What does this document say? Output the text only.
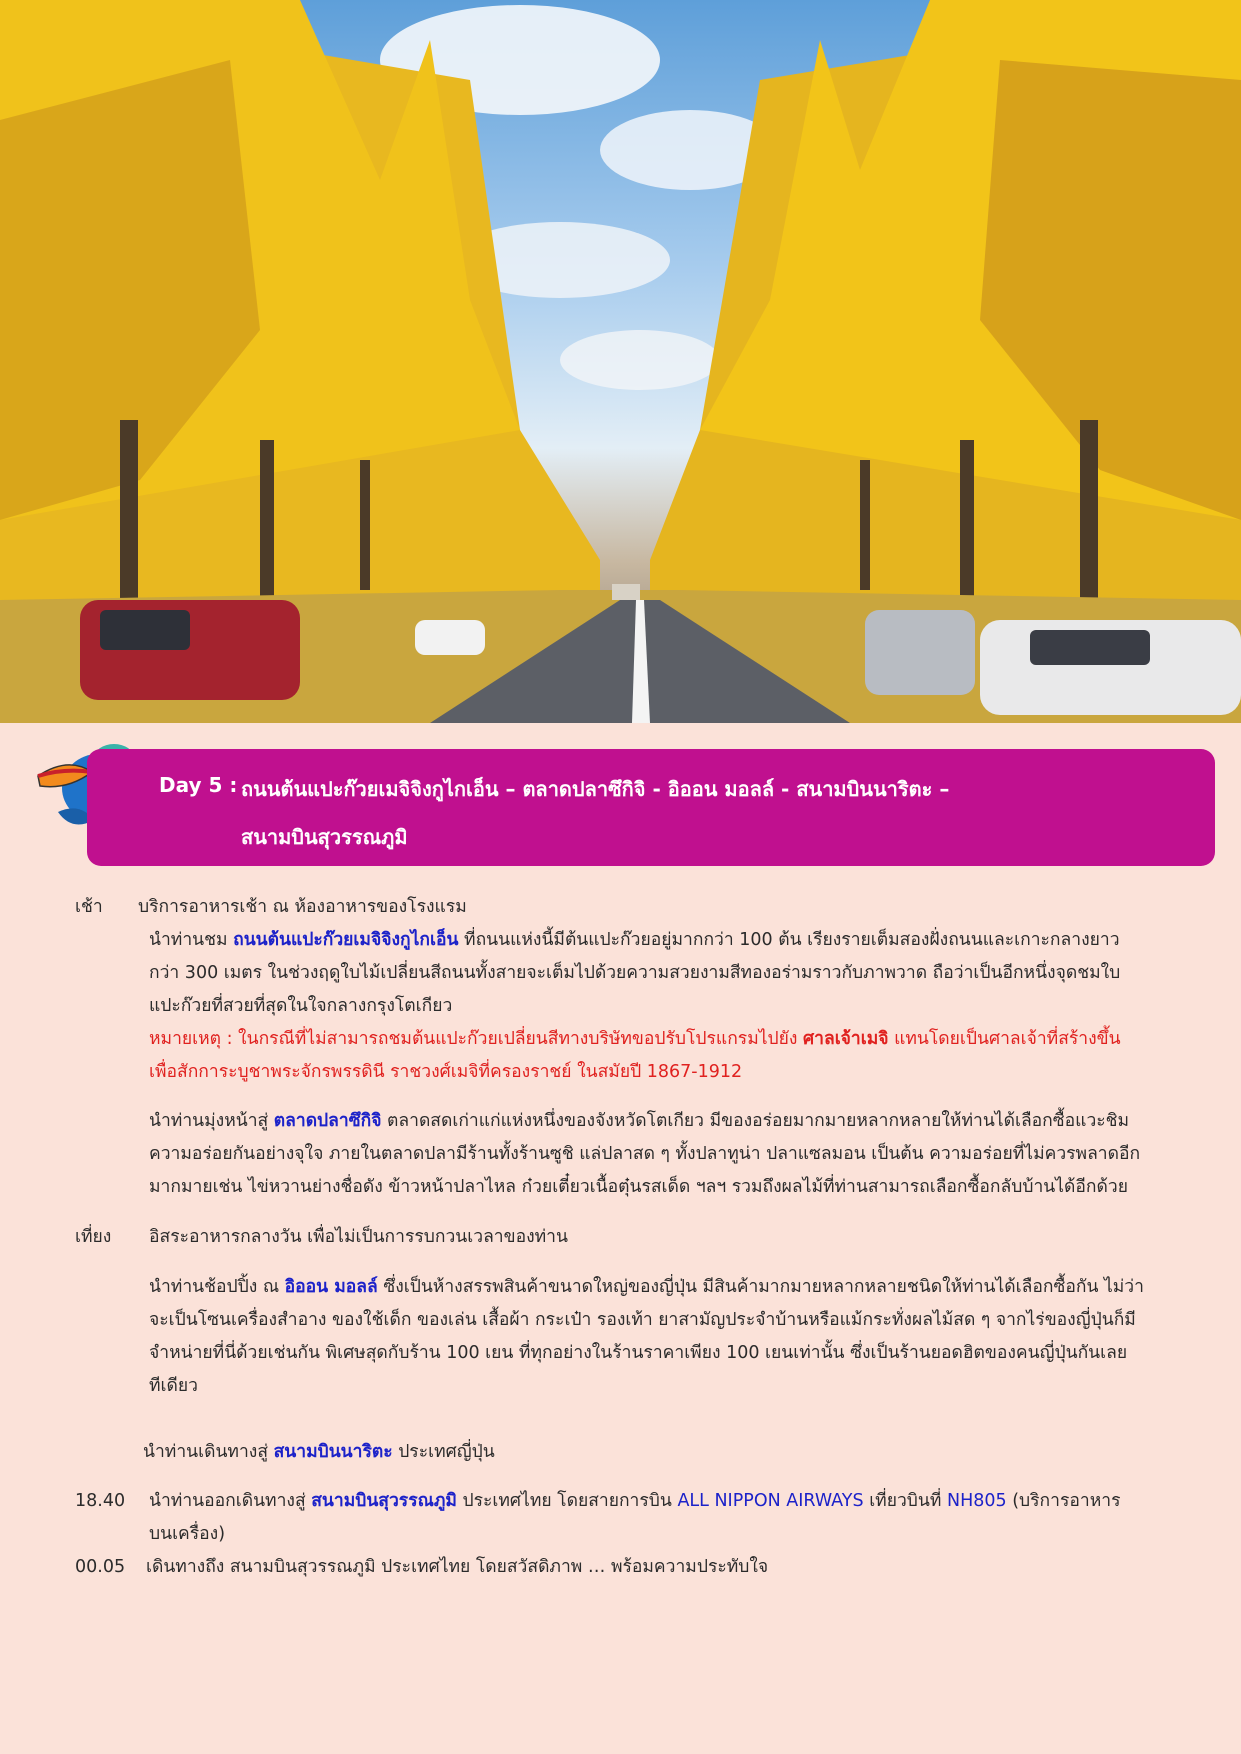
Day 5 : ถนนต้นแปะก๊วยเมจิจิงกูไกเอ็น – ตลาดปลาซึกิจิ - อิออน มอลล์ - สนามบินนาริตะ –
สนามบินสุวรรณภูมิ
เช้า บริการอาหารเช้า ณ ห้องอาหารของโรงแรม

นำท่านชม ถนนต้นแปะก๊วยเมจิจิงกูไกเอ็น ที่ถนนแห่งนี้มีต้นแปะก๊วยอยู่มากกว่า 100 ต้น เรียงรายเต็มสองฝั่งถนนและเกาะกลางยาว

กว่า 300 เมตร ในช่วงฤดูใบไม้เปลี่ยนสีถนนทั้งสายจะเต็มไปด้วยความสวยงามสีทองอร่ามราวกับภาพวาด ถือว่าเป็นอีกหนึ่งจุดชมใบ

แปะก๊วยที่สวยที่สุดในใจกลางกรุงโตเกียว

หมายเหตุ : ในกรณีที่ไม่สามารถชมต้นแปะก๊วยเปลี่ยนสีทางบริษัทขอปรับโปรแกรมไปยัง ศาลเจ้าเมจิ แทนโดยเป็นศาลเจ้าที่สร้างขึ้น

เพื่อสักการะบูชาพระจักรพรรดินี ราชวงศ์เมจิที่ครองราชย์ ในสมัยปี 1867-1912

นำท่านมุ่งหน้าสู่ ตลาดปลาซึกิจิ ตลาดสดเก่าแก่แห่งหนึ่งของจังหวัดโตเกียว มีของอร่อยมากมายหลากหลายให้ท่านได้เลือกซื้อแวะชิม

ความอร่อยกันอย่างจุใจ ภายในตลาดปลามีร้านทั้งร้านซูชิ แล่ปลาสด ๆ ทั้งปลาทูน่า ปลาแซลมอน เป็นต้น ความอร่อยที่ไม่ควรพลาดอีก

มากมายเช่น ไข่หวานย่างชื่อดัง ข้าวหน้าปลาไหล ก๋วยเตี๋ยวเนื้อตุ๋นรสเด็ด ฯลฯ รวมถึงผลไม้ที่ท่านสามารถเลือกซื้อกลับบ้านได้อีกด้วย

เที่ยง อิสระอาหารกลางวัน เพื่อไม่เป็นการรบกวนเวลาของท่าน

นำท่านช้อปปิ้ง ณ อิออน มอลล์ ซึ่งเป็นห้างสรรพสินค้าขนาดใหญ่ของญี่ปุ่น มีสินค้ามากมายหลากหลายชนิดให้ท่านได้เลือกซื้อกัน ไม่ว่า

จะเป็นโซนเครื่องสำอาง ของใช้เด็ก ของเล่น เสื้อผ้า กระเป๋า รองเท้า ยาสามัญประจำบ้านหรือแม้กระทั่งผลไม้สด ๆ จากไร่ของญี่ปุ่นก็มี

จำหน่ายที่นี่ด้วยเช่นกัน พิเศษสุดกับร้าน 100 เยน ที่ทุกอย่างในร้านราคาเพียง 100 เยนเท่านั้น ซึ่งเป็นร้านยอดฮิตของคนญี่ปุ่นกันเลย

ทีเดียว

นำท่านเดินทางสู่ สนามบินนาริตะ ประเทศญี่ปุ่น

18.40 นำท่านออกเดินทางสู่ สนามบินสุวรรณภูมิ ประเทศไทย โดยสายการบิน ALL NIPPON AIRWAYS เที่ยวบินที่ NH805 (บริการอาหาร

บนเครื่อง)

00.05 เดินทางถึง สนามบินสุวรรณภูมิ ประเทศไทย โดยสวัสดิภาพ … พร้อมความประทับใจ
